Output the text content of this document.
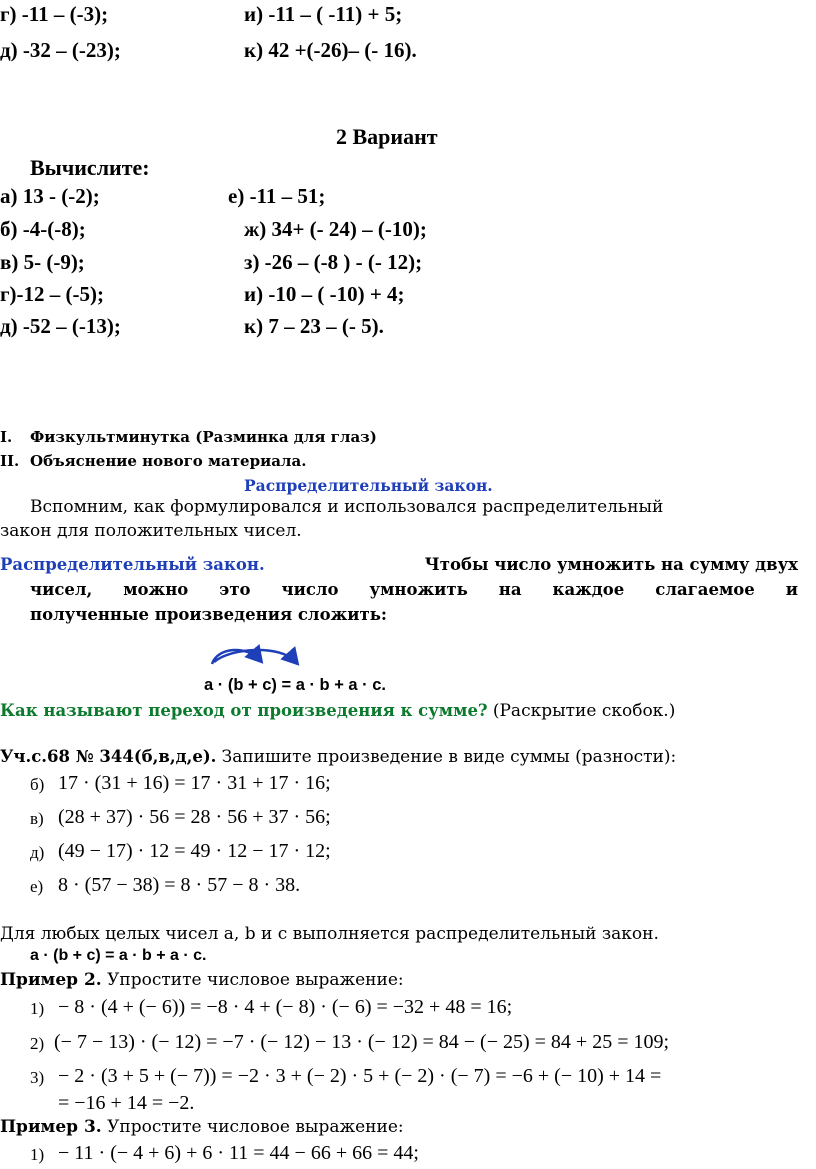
г) -11 – (-3);	и) -11 – ( -11) + 5;
д) -32 – (-23);	к) 42 +(-26)– (- 16).
2 Вариант
Вычислите:
а) 13 - (-2);	е) -11 – 51;
б) -4-(-8);	ж) 34+ (- 24) – (-10);
в) 5- (-9);	з) -26 – (-8 ) - (- 12);
г)-12 – (-5);	и) -10 – ( -10) + 4;
д) -52 – (-13);	к) 7 – 23 – (- 5).
I. Физкультминутка (Разминка для глаз)
II. Объяснение нового материала.
Распределительный закон.
Вспомним, как формулировался и использовался распределительный
закон для положительных чисел.
Распределительный закон.	Чтобы число умножить на сумму двух
чисел, можно это число умножить на каждое слагаемое и
полученные произведения сложить:
a · (b + c) = a · b + a · c.
Как называют переход от произведения к сумме? (Раскрытие скобок.)
Уч.с.68 № 344(б,в,д,е). Запишите произведение в виде суммы (разности):
б) 17 · (31 + 16) = 17 · 31 + 17 · 16;
в) (28 + 37) · 56 = 28 · 56 + 37 · 56;
д) (49 − 17) · 12 = 49 · 12 − 17 · 12;
е) 8 · (57 − 38) = 8 · 57 − 8 · 38.
Для любых целых чисел a, b и c выполняется распределительный закон.
a · (b + c) = a · b + a · c.
Пример 2. Упростите числовое выражение:
1) − 8 · (4 + (− 6)) = −8 · 4 + (− 8) · (− 6) = −32 + 48 = 16;
2) (− 7 − 13) · (− 12) = −7 · (− 12) − 13 · (− 12) = 84 − (− 25) = 84 + 25 = 109;
3) − 2 · (3 + 5 + (− 7)) = −2 · 3 + (− 2) · 5 + (− 2) · (− 7) = −6 + (− 10) + 14 =
= −16 + 14 = −2.
Пример 3. Упростите числовое выражение:
1) − 11 · (− 4 + 6) + 6 · 11 = 44 − 66 + 66 = 44;
